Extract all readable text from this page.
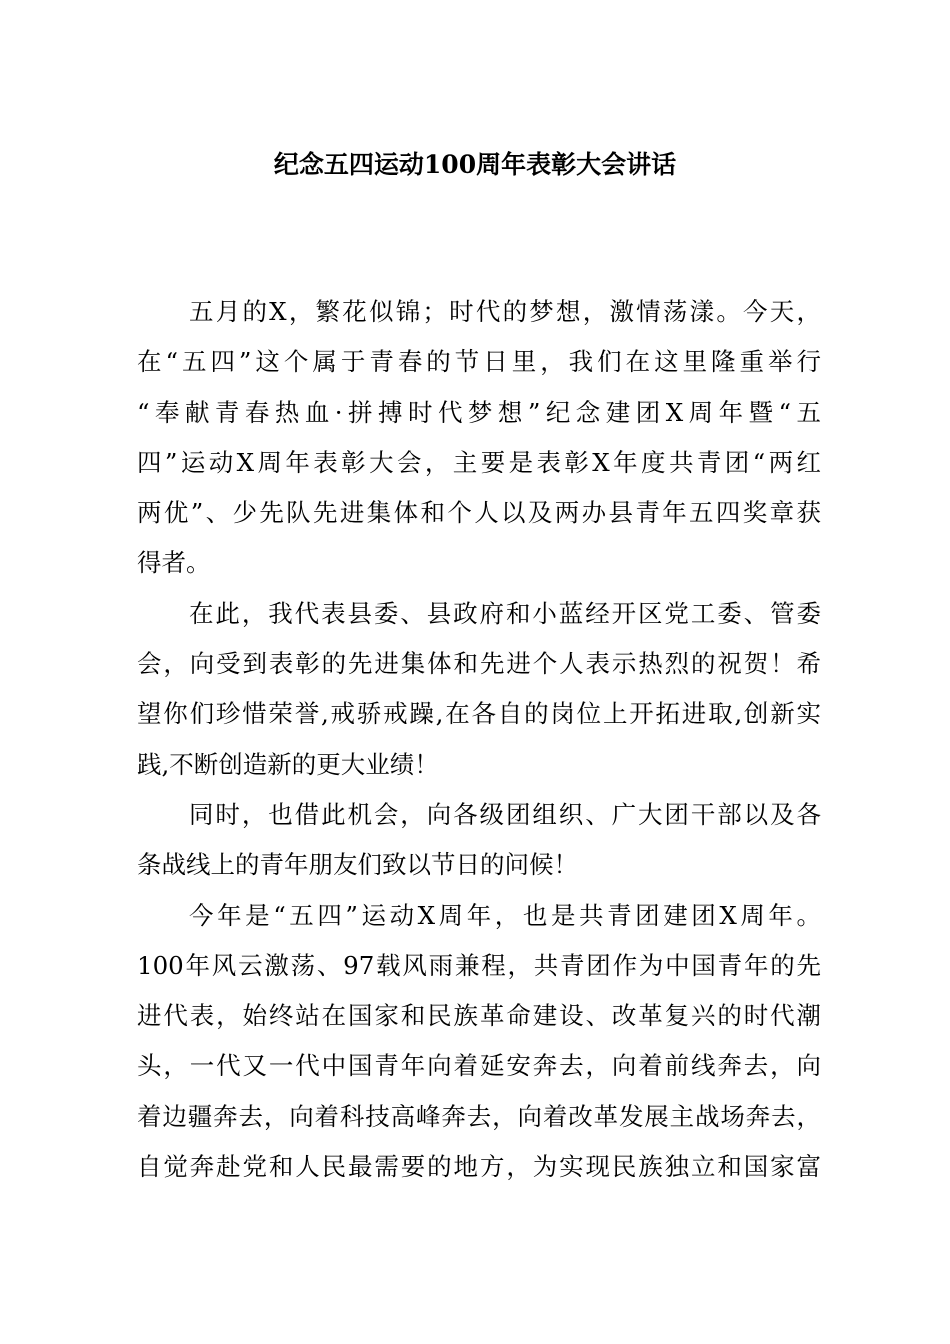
纪念五四运动100周年表彰大会讲话
五月的X，繁花似锦；时代的梦想，激情荡漾。今天，
在“五四”这个属于青春的节日里，我们在这里隆重举行
“奉献青春热血·拼搏时代梦想”纪念建团X周年暨“五
四”运动X周年表彰大会，主要是表彰X年度共青团“两红
两优”、少先队先进集体和个人以及两办县青年五四奖章获
得者。
在此，我代表县委、县政府和小蓝经开区党工委、管委
会，向受到表彰的先进集体和先进个人表示热烈的祝贺！希
望你们珍惜荣誉,戒骄戒躁,在各自的岗位上开拓进取,创新实
践,不断创造新的更大业绩！
同时，也借此机会，向各级团组织、广大团干部以及各
条战线上的青年朋友们致以节日的问候！
今年是“五四”运动X周年，也是共青团建团X周年。
100年风云激荡、97载风雨兼程，共青团作为中国青年的先
进代表，始终站在国家和民族革命建设、改革复兴的时代潮
头，一代又一代中国青年向着延安奔去，向着前线奔去，向
着边疆奔去，向着科技高峰奔去，向着改革发展主战场奔去，
自觉奔赴党和人民最需要的地方，为实现民族独立和国家富
